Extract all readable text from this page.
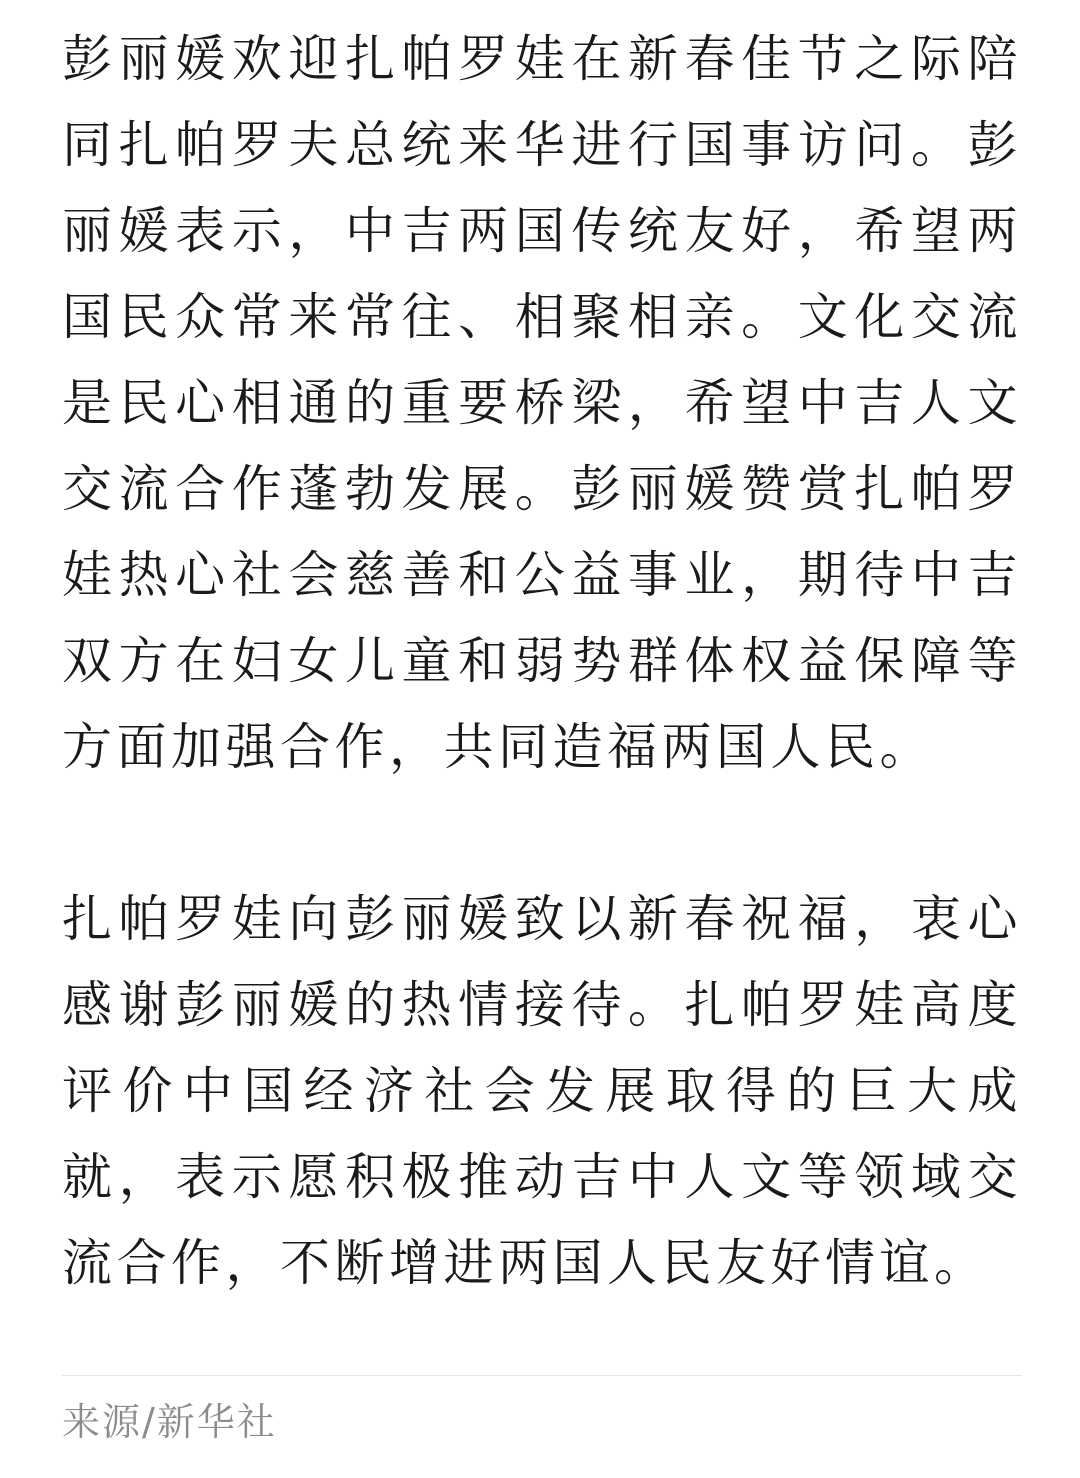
彭丽媛欢迎扎帕罗娃在新春佳节之际陪同扎帕罗夫总统来华进行国事访问。彭丽媛表示，中吉两国传统友好，希望两国民众常来常往、相聚相亲。文化交流是民心相通的重要桥梁，希望中吉人文交流合作蓬勃发展。彭丽媛赞赏扎帕罗娃热心社会慈善和公益事业，期待中吉双方在妇女儿童和弱势群体权益保障等方面加强合作，共同造福两国人民。

扎帕罗娃向彭丽媛致以新春祝福，衷心感谢彭丽媛的热情接待。扎帕罗娃高度评价中国经济社会发展取得的巨大成就，表示愿积极推动吉中人文等领域交流合作，不断增进两国人民友好情谊。

来源/新华社
